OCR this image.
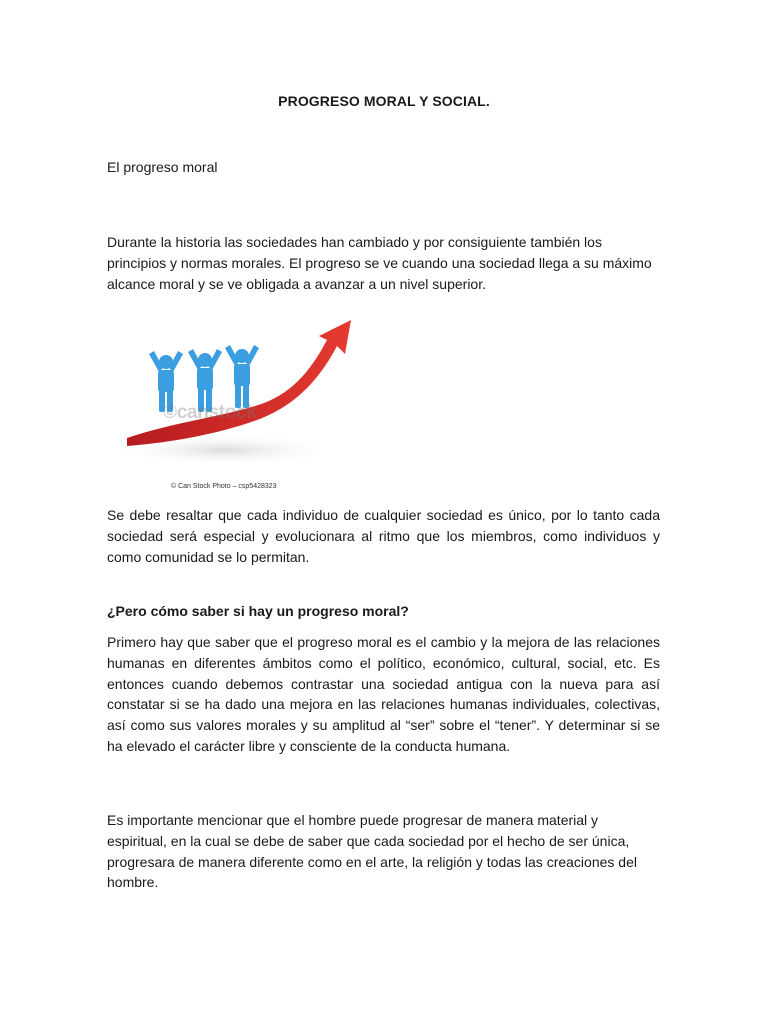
PROGRESO MORAL Y SOCIAL.
El progreso moral
Durante la historia las sociedades han cambiado y por consiguiente también los principios y normas morales. El progreso se ve cuando una sociedad llega a su máximo alcance moral y se ve obligada a avanzar a un nivel superior.
©canstock
© Can Stock Photo – csp5428323
Se debe resaltar que cada individuo de cualquier sociedad es único, por lo tanto cada sociedad será especial y evolucionara al ritmo que los miembros, como individuos y como comunidad se lo permitan.
¿Pero cómo saber si hay un progreso moral?
Primero hay que saber que el progreso moral es el cambio y la mejora de las relaciones humanas en diferentes ámbitos como el político, económico, cultural, social, etc. Es entonces cuando debemos contrastar una sociedad antigua con la nueva para así constatar si se ha dado una mejora en las relaciones humanas individuales, colectivas, así como sus valores morales y su amplitud al “ser” sobre el “tener”. Y determinar si se ha elevado el carácter libre y consciente de la conducta humana.
Es importante mencionar que el hombre puede progresar de manera material y espiritual, en la cual se debe de saber que cada sociedad por el hecho de ser única, progresara de manera diferente como en el arte, la religión y todas las creaciones del hombre.
